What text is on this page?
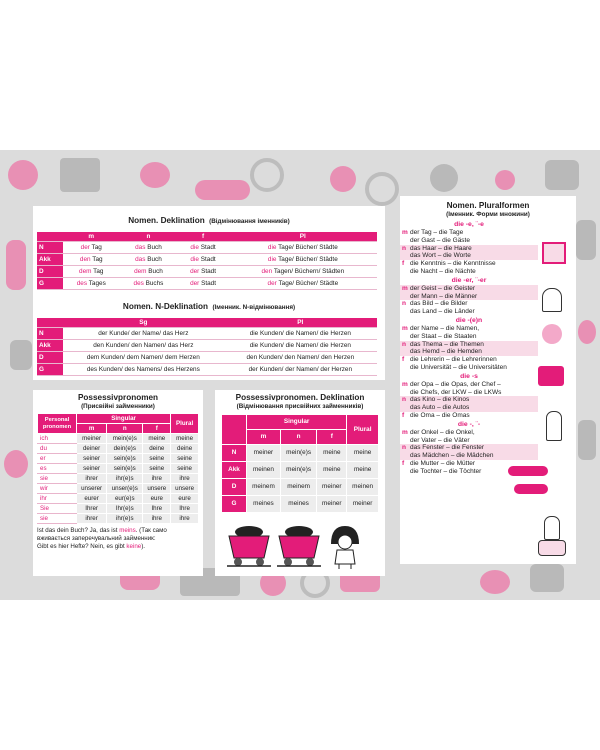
Nomen. Deklination (Відмінювання іменників)
	m	n	f	Pl
N	der Tag	das Buch	die Stadt	die Tage/ Bücher/ Städte
Akk	den Tag	das Buch	die Stadt	die Tage/ Bücher/ Städte
D	dem Tag	dem Buch	der Stadt	den Tagen/ Büchern/ Städten
G	des Tages	des Buchs	der Stadt	der Tage/ Bücher/ Städte
Nomen. N-Deklination (Іменник. N-відмінювання)
	Sg	Pl
N	der Kunde/ der Name/ das Herz	die Kunden/ die Namen/ die Herzen
Akk	den Kunden/ den Namen/ das Herz	die Kunden/ die Namen/ die Herzen
D	dem Kunden/ dem Namen/ dem Herzen	den Kunden/ den Namen/ den Herzen
G	des Kunden/ des Namens/ des Herzens	der Kunden/ der Namen/ der Herzen
Possessivpronomen
(Присвійні займенники)
Personal pronomen	Singular			Plural
	m	n	f	
ich	meiner	mein(e)s	meine	meine
du	deiner	dein(e)s	deine	deine
er	seiner	sein(e)s	seine	seine
es	seiner	sein(e)s	seine	seine
sie	ihrer	ihr(e)s	ihre	ihre
wir	unserer	unser(e)s	unsere	unsere
ihr	eurer	eur(e)s	eure	eure
Sie	Ihrer	Ihr(e)s	Ihre	Ihre
sie	ihrer	ihr(e)s	ihre	ihre
Ist das dein Buch? Ja, das ist meins. (Так само
вживається заперечувальний займенник:
Gibt es hier Hefte? Nein, es gibt keine).
Possessivpronomen. Deklination
(Відмінювання присвійних займенників)
	Singular			Plural
	m	n	f	
N	meiner	mein(e)s	meine	meine
Akk	meinen	mein(e)s	meine	meine
D	meinem	meinem	meiner	meinen
G	meines	meines	meiner	meiner
Nomen. Pluralformen
(Іменник. Форми множини)
die -e, ¨-e
m der Tag – die Tage
der Gast – die Gäste
n das Haar – die Haare
das Wort – die Worte
f die Kenntnis – die Kenntnisse
die Nacht – die Nächte
die -er, ¨-er
m der Geist – die Geister
der Mann – die Männer
n das Bild – die Bilder
das Land – die Länder
die -(e)n
m der Name – die Namen,
der Staat – die Staaten
n das Thema – die Themen
das Hemd – die Hemden
f die Lehrerin – die Lehrerinnen
die Universität – die Universitäten
die -s
m der Opa – die Opas, der Chef –
die Chefs, der LKW – die LKWs
n das Kino – die Kinos
das Auto – die Autos
f die Oma – die Omas
die -, ¨-
m der Onkel – die Onkel,
der Vater – die Väter
n das Fenster – die Fenster
das Mädchen – die Mädchen
f die Mutter – die Mütter
die Tochter – die Töchter
